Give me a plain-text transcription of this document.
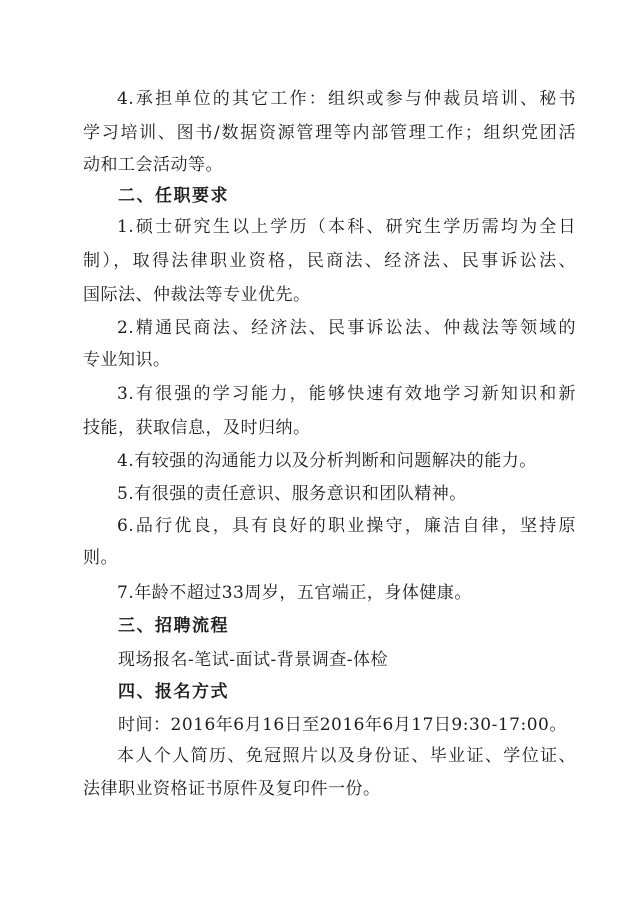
4.承担单位的其它工作：组织或参与仲裁员培训、秘书

学习培训、图书/数据资源管理等内部管理工作；组织党团活

动和工会活动等。

二、任职要求

1.硕士研究生以上学历（本科、研究生学历需均为全日

制），取得法律职业资格，民商法、经济法、民事诉讼法、

国际法、仲裁法等专业优先。

2.精通民商法、经济法、民事诉讼法、仲裁法等领域的

专业知识。

3.有很强的学习能力，能够快速有效地学习新知识和新

技能，获取信息，及时归纳。

4.有较强的沟通能力以及分析判断和问题解决的能力。

5.有很强的责任意识、服务意识和团队精神。

6.品行优良，具有良好的职业操守，廉洁自律，坚持原

则。

7.年龄不超过33周岁，五官端正，身体健康。

三、招聘流程

现场报名-笔试-面试-背景调查-体检

四、报名方式

时间：2016年6月16日至2016年6月17日9:30-17:00。

本人个人简历、免冠照片以及身份证、毕业证、学位证、

法律职业资格证书原件及复印件一份。
